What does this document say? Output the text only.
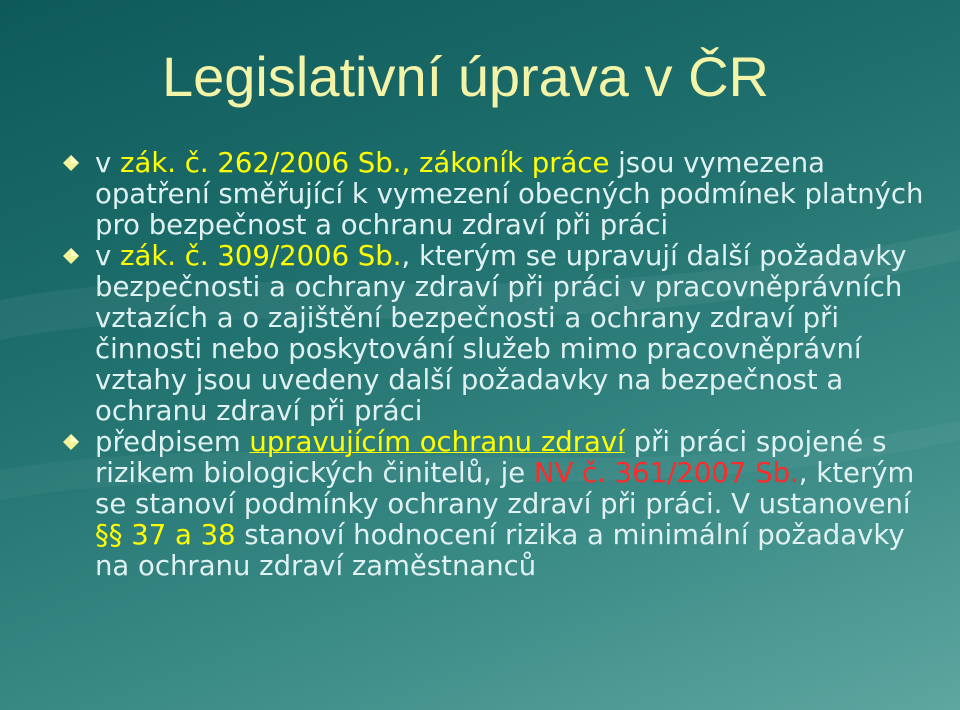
Legislativní úprava v ČR
v zák. č. 262/2006 Sb., zákoník práce jsou vymezena opatření směřující k vymezení obecných podmínek platných pro bezpečnost a ochranu zdraví při práci
v zák. č. 309/2006 Sb., kterým se upravují další požadavky bezpečnosti a ochrany zdraví při práci v pracovněprávních vztazích a o zajištění bezpečnosti a ochrany zdraví při činnosti nebo poskytování služeb mimo pracovněprávní vztahy jsou uvedeny další požadavky na bezpečnost a ochranu zdraví při práci
předpisem upravujícím ochranu zdraví při práci spojené s rizikem biologických činitelů, je NV č. 361/2007 Sb., kterým se stanoví podmínky ochrany zdraví při práci. V ustanovení §§ 37 a 38 stanoví hodnocení rizika a minimální požadavky na ochranu zdraví zaměstnanců
